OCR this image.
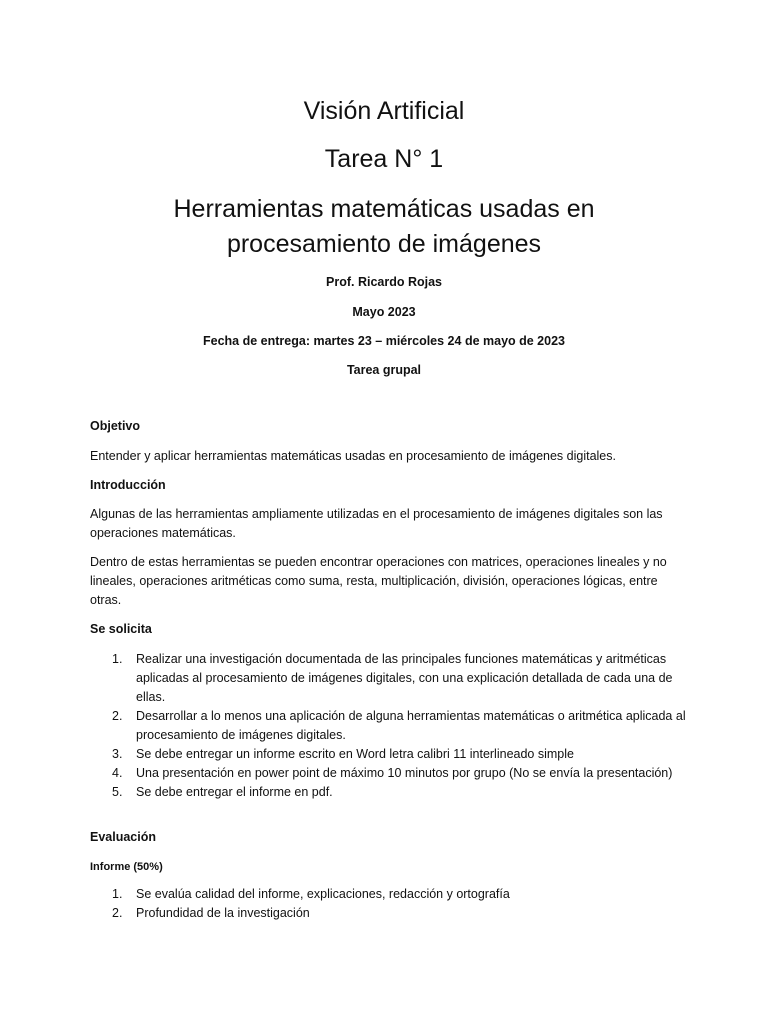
Visión Artificial
Tarea N° 1
Herramientas matemáticas usadas en
procesamiento de imágenes

Prof. Ricardo Rojas

Mayo 2023

Fecha de entrega: martes 23 – miércoles 24 de mayo de 2023

Tarea grupal

Objetivo

Entender y aplicar herramientas matemáticas usadas en procesamiento de imágenes digitales.

Introducción

Algunas de las herramientas ampliamente utilizadas en el procesamiento de imágenes digitales son las operaciones matemáticas.

Dentro de estas herramientas se pueden encontrar operaciones con matrices, operaciones lineales y no lineales, operaciones aritméticas como suma, resta, multiplicación, división, operaciones lógicas, entre otras.

Se solicita

1. Realizar una investigación documentada de las principales funciones matemáticas y aritméticas aplicadas al procesamiento de imágenes digitales, con una explicación detallada de cada una de ellas.
2. Desarrollar a lo menos una aplicación de alguna herramientas matemáticas o aritmética aplicada al procesamiento de imágenes digitales.
3. Se debe entregar un informe escrito en Word letra calibri 11 interlineado simple
4. Una presentación en power point de máximo 10 minutos por grupo (No se envía la presentación)
5. Se debe entregar el informe en pdf.

Evaluación

Informe (50%)

1. Se evalúa calidad del informe, explicaciones, redacción y ortografía
2. Profundidad de la investigación
